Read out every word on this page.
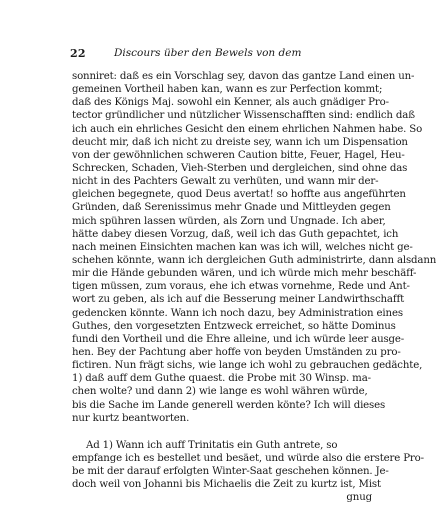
22	Discours über den Bewels von dem
sonniret: daß es ein Vorschlag sey, davon das gantze Land einen un-
gemeinen Vortheil haben kan, wann es zur Perfection kommt;
daß des Königs Maj. sowohl ein Kenner, als auch gnädiger Pro-
tector gründlicher und nützlicher Wissenschafften sind: endlich daß
ich auch ein ehrliches Gesicht den einem ehrlichen Nahmen habe. So
deucht mir, daß ich nicht zu dreiste sey, wann ich um Dispensation
von der gewöhnlichen schweren Caution bitte, Feuer, Hagel, Heu-
Schrecken, Schaden, Vieh-Sterben und dergleichen, sind ohne das
nicht in des Pachters Gewalt zu verhüten, und wann mir der-
gleichen begegnete, quod Deus avertat! so hoffte aus angeführten
Gründen, daß Serenissimus mehr Gnade und Mittleyden gegen
mich spühren lassen würden, als Zorn und Ungnade. Ich aber,
hätte dabey diesen Vorzug, daß, weil ich das Guth gepachtet, ich
nach meinen Einsichten machen kan was ich will, welches nicht ge-
schehen könnte, wann ich dergleichen Guth administrirte, dann alsdann
mir die Hände gebunden wären, und ich würde mich mehr beschäff-
tigen müssen, zum voraus, ehe ich etwas vornehme, Rede und Ant-
wort zu geben, als ich auf die Besserung meiner Landwirthschafft
gedencken könnte. Wann ich noch dazu, bey Administration eines
Guthes, den vorgesetzten Entzweck erreichet, so hätte Dominus
fundi den Vortheil und die Ehre alleine, und ich würde leer ausge-
hen. Bey der Pachtung aber hoffe von beyden Umständen zu pro-
fictiren. Nun frägt sichs, wie lange ich wohl zu gebrauchen gedächte,
1) daß auff dem Guthe quaest. die Probe mit 30 Winsp. ma-
chen wolte? und dann 2) wie lange es wohl währen würde,
bis die Sache im Lande generell werden könte? Ich will dieses
nur kurtz beantworten.
Ad 1) Wann ich auff Trinitatis ein Guth antrete, so
empfange ich es bestellet und besäet, und würde also die erstere Pro-
be mit der darauf erfolgten Winter-Saat geschehen können. Je-
doch weil von Johanni bis Michaelis die Zeit zu kurtz ist, Mist
gnug
